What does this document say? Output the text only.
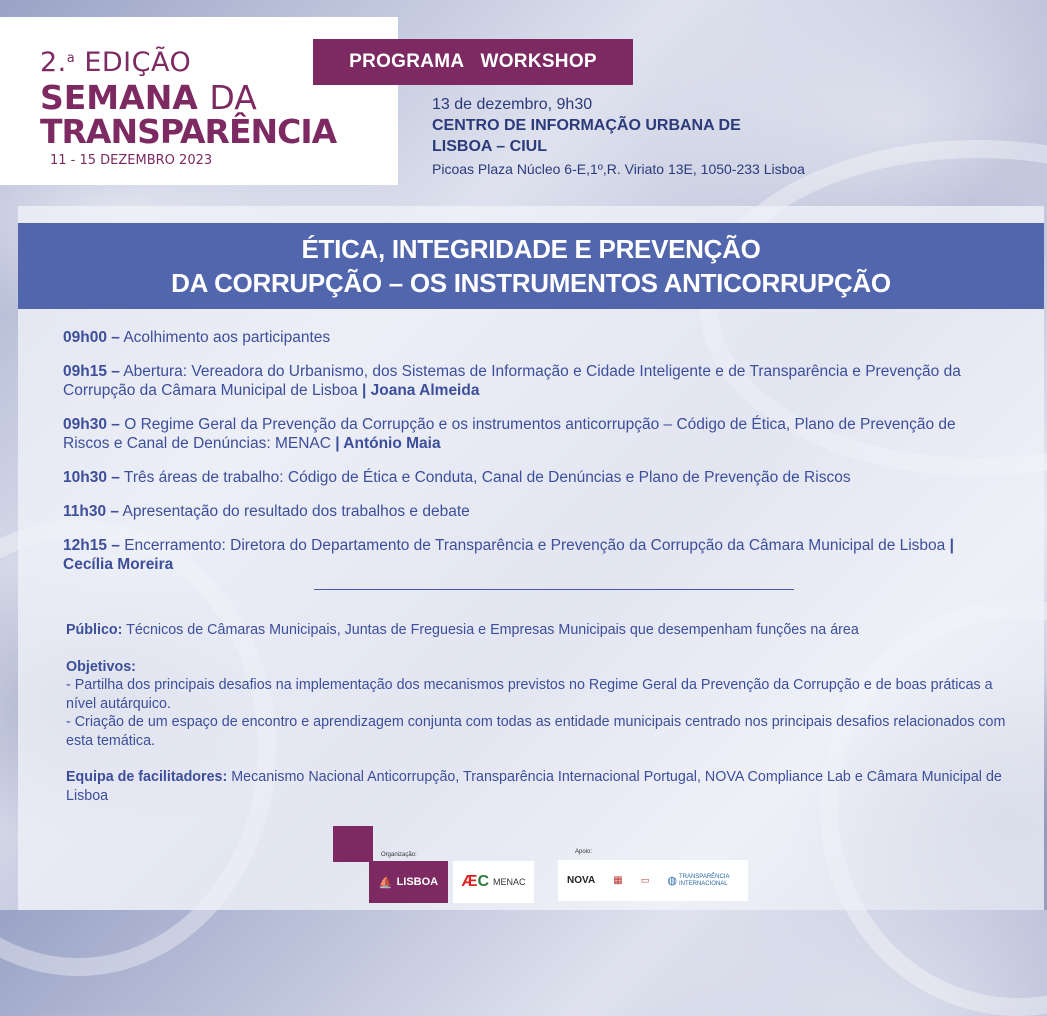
2.$^a$ EDIÇÃO
SEMANA DA
TRANSPARÊNCIA
11 - 15 DEZEMBRO 2023
PROGRAMA   WORKSHOP
13 de dezembro, 9h30
CENTRO DE INFORMAÇÃO URBANA DE LISBOA – CIUL
Picoas Plaza Núcleo 6-E,1º,R. Viriato 13E, 1050-233 Lisboa
ÉTICA, INTEGRIDADE E PREVENÇÃO
DA CORRUPÇÃO – OS INSTRUMENTOS ANTICORRUPÇÃO
09h00 – Acolhimento aos participantes
09h15 – Abertura: Vereadora do Urbanismo, dos Sistemas de Informação e Cidade Inteligente e de Transparência e Prevenção da Corrupção da Câmara Municipal de Lisboa | Joana Almeida
09h30 – O Regime Geral da Prevenção da Corrupção e os instrumentos anticorrupção – Código de Ética, Plano de Prevenção de Riscos e Canal de Denúncias: MENAC | António Maia
10h30 – Três áreas de trabalho: Código de Ética e Conduta, Canal de Denúncias e Plano de Prevenção de Riscos
11h30 – Apresentação do resultado dos trabalhos e debate
12h15 – Encerramento: Diretora do Departamento de Transparência e Prevenção da Corrupção da Câmara Municipal de Lisboa | Cecília Moreira
Público: Técnicos de Câmaras Municipais, Juntas de Freguesia e Empresas Municipais que desempenham funções na área
Objetivos:
- Partilha dos principais desafios na implementação dos mecanismos previstos no Regime Geral da Prevenção da Corrupção e de boas práticas a nível autárquico.
- Criação de um espaço de encontro e aprendizagem conjunta com todas as entidade municipais centrado nos principais desafios relacionados com esta temática.
Equipa de facilitadores: Mecanismo Nacional Anticorrupção, Transparência Internacional Portugal, NOVA Compliance Lab e Câmara Municipal de Lisboa
Organização:
⛵ LISBOA Æ C MENAC
Apoio:
NOVA ▦ ▭ ◍ TRANSPARÊNCIA INTERNACIONAL
